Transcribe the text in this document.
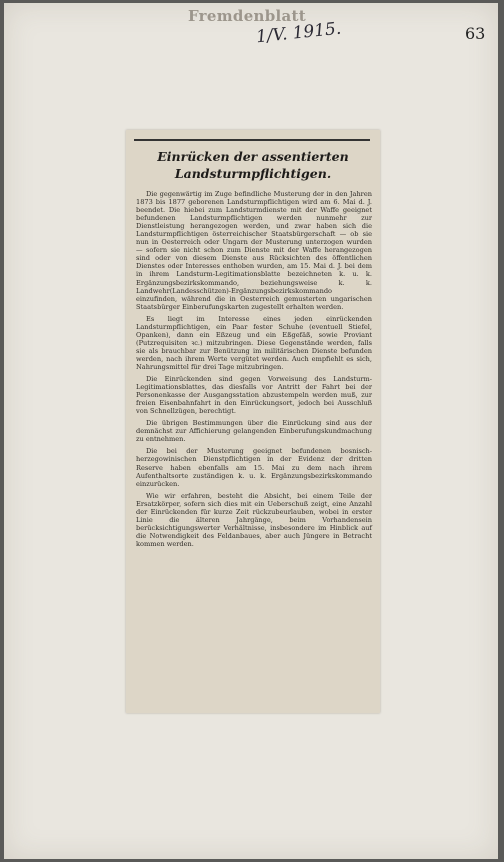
Fremdenblatt
1/V. 1915.	63
Einrücken der assentierten Landsturmpflichtigen.

Die gegenwärtig im Zuge befindliche Musterung der in den Jahren 1873 bis 1877 geborenen Landsturmpflichtigen wird am 6. Mai d. J. beendet. Die hiebei zum Landsturmdienste mit der Waffe geeignet befundenen Landsturmpflichtigen werden nunmehr zur Dienstleistung herangezogen werden, und zwar haben sich die Landsturmpflichtigen österreichischer Staatsbürgerschaft — ob sie nun in Oesterreich oder Ungarn der Musterung unterzogen wurden — sofern sie nicht schon zum Dienste mit der Waffe herangezogen sind oder von diesem Dienste aus Rücksichten des öffentlichen Dienstes oder Interesses enthoben wurden, am 15. Mai d. J. bei dem in ihrem Landsturm-Legitimationsblatte bezeichneten k. u. k. Ergänzungsbezirkskommando, beziehungsweise k. k. Landwehr(Landesschützen)-Ergänzungsbezirkskommando einzufinden, während die in Oesterreich gemusterten ungarischen Staatsbürger Einberufungskarten zugestellt erhalten werden.

Es liegt im Interesse eines jeden einrückenden Landsturmpflichtigen, ein Paar fester Schuhe (eventuell Stiefel, Opanken), dann ein Eßzeug und ein Eßgefäß, sowie Proviant (Putzrequisiten ꝛc.) mitzubringen. Diese Gegenstände werden, falls sie als brauchbar zur Benützung im militärischen Dienste befunden werden, nach ihrem Werte vergütet werden. Auch empfiehlt es sich, Nahrungsmittel für drei Tage mitzubringen.

Die Einrückenden sind gegen Vorweisung des Landsturm-Legitimationsblattes, das diesfalls vor Antritt der Fahrt bei der Personenkasse der Ausgangsstation abzustempeln werden muß, zur freien Eisenbahnfahrt in den Einrückungsort, jedoch bei Ausschluß von Schnellzügen, berechtigt.

Die übrigen Bestimmungen über die Einrückung sind aus der demnächst zur Affichierung gelangenden Einberufungskundmachung zu entnehmen.

Die bei der Musterung geeignet befundenen bosnisch-herzegowinischen Dienstpflichtigen in der Evidenz der dritten Reserve haben ebenfalls am 15. Mai zu dem nach ihrem Aufenthaltsorte zuständigen k. u. k. Ergänzungsbezirkskommando einzurücken.

Wie wir erfahren, besteht die Absicht, bei einem Teile der Ersatzkörper, sofern sich dies mit ein Ueberschuß zeigt, eine Anzahl der Einrückenden für kurze Zeit rückzubeurlauben, wobei in erster Linie die älteren Jahrgänge, beim Vorhandensein berücksichtigungswerter Verhältnisse, insbesondere im Hinblick auf die Notwendigkeit des Feldanbaues, aber auch Jüngere in Betracht kommen werden.
